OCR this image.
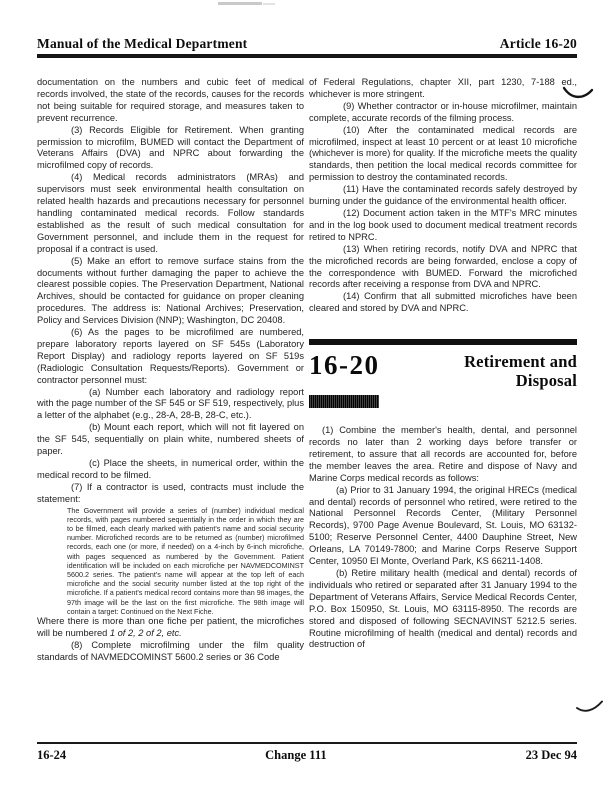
Manual of the Medical Department	Article 16-20

documentation on the numbers and cubic feet of medical records involved, the state of the records, causes for the records not being suitable for required storage, and measures taken to prevent recurrence.

(3) Records Eligible for Retirement. When granting permission to microfilm, BUMED will contact the Department of Veterans Affairs (DVA) and NPRC about forwarding the microfilmed copy of records.

(4) Medical records administrators (MRAs) and supervisors must seek environmental health consultation on related health hazards and precautions necessary for personnel handling contaminated medical records. Follow standards established as the result of such medical consultation for Government personnel, and include them in the request for proposal if a contract is used.

(5) Make an effort to remove surface stains from the documents without further damaging the paper to achieve the clearest possible copies. The Preservation Department, National Archives, should be contacted for guidance on proper cleaning procedures. The address is: National Archives; Preservation, Policy and Services Division (NNP); Washington, DC 20408.

(6) As the pages to be microfilmed are numbered, prepare laboratory reports layered on SF 545s (Laboratory Report Display) and radiology reports layered on SF 519s (Radiologic Consultation Requests/Reports). Government or contractor personnel must:

(a) Number each laboratory and radiology report with the page number of the SF 545 or SF 519, respectively, plus a letter of the alphabet (e.g., 28-A, 28-B, 28-C, etc.).

(b) Mount each report, which will not fit layered on the SF 545, sequentially on plain white, numbered sheets of paper.

(c) Place the sheets, in numerical order, within the medical record to be filmed.

(7) If a contractor is used, contracts must include the statement:

The Government will provide a series of (number) individual medical records, with pages numbered sequentially in the order in which they are to be filmed, each clearly marked with patient's name and social security number. Microfiched records are to be returned as (number) microfilmed records, each one (or more, if needed) on a 4-inch by 6-inch microfiche, with pages sequenced as numbered by the Government. Patient identification will be included on each microfiche per NAVMEDCOMINST 5600.2 series. The patient's name will appear at the top left of each microfiche and the social security number listed at the top right of the microfiche. If a patient's medical record contains more than 98 images, the 97th image will be the last on the first microfiche. The 98th image will contain a target: Continued on the Next Fiche.

Where there is more than one fiche per patient, the microfiches will be numbered 1 of 2, 2 of 2, etc.

(8) Complete microfilming under the film quality standards of NAVMEDCOMINST 5600.2 series or 36 Code

of Federal Regulations, chapter XII, part 1230, 7-188 ed., whichever is more stringent.

(9) Whether contractor or in-house microfilmer, maintain complete, accurate records of the filming process.

(10) After the contaminated medical records are microfilmed, inspect at least 10 percent or at least 10 microfiche (whichever is more) for quality. If the microfiche meets the quality standards, then petition the local medical records committee for permission to destroy the contaminated records.

(11) Have the contaminated records safely destroyed by burning under the guidance of the environmental health officer.

(12) Document action taken in the MTF's MRC minutes and in the log book used to document medical treatment records retired to NPRC.

(13) When retiring records, notify DVA and NPRC that the microfiched records are being forwarded, enclose a copy of the correspondence with BUMED. Forward the microfiched records after receiving a response from DVA and NPRC.

(14) Confirm that all submitted microfiches have been cleared and stored by DVA and NPRC.

16-20	Retirement and Disposal

(1) Combine the member's health, dental, and personnel records no later than 2 working days before transfer or retirement, to assure that all records are accounted for, before the member leaves the area. Retire and dispose of Navy and Marine Corps medical records as follows:

(a) Prior to 31 January 1994, the original HRECs (medical and dental) records of personnel who retired, were retired to the National Personnel Records Center, (Military Personnel Records), 9700 Page Avenue Boulevard, St. Louis, MO 63132-5100; Reserve Personnel Center, 4400 Dauphine Street, New Orleans, LA 70149-7800; and Marine Corps Reserve Support Center, 10950 El Monte, Overland Park, KS 66211-1408.

(b) Retire military health (medical and dental) records of individuals who retired or separated after 31 January 1994 to the Department of Veterans Affairs, Service Medical Records Center, P.O. Box 150950, St. Louis, MO 63115-8950. The records are stored and disposed of following SECNAVINST 5212.5 series. Routine microfilming of health (medical and dental) records and destruction of

16-24	Change 111	23 Dec 94
